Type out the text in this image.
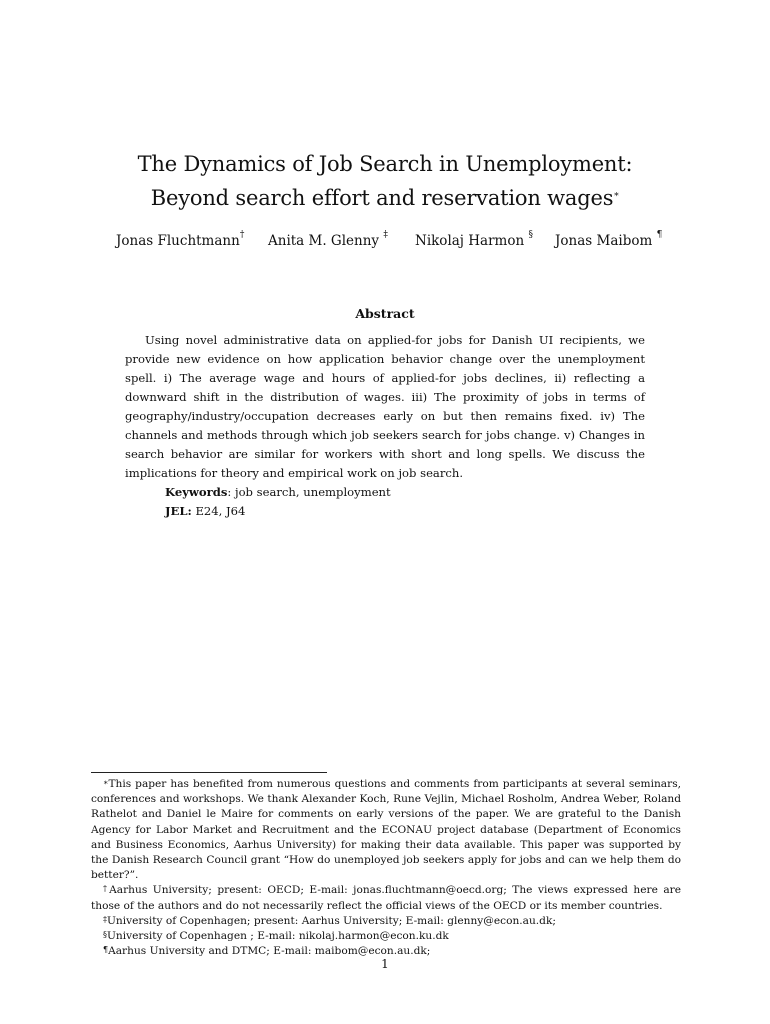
The Dynamics of Job Search in Unemployment:
Beyond search effort and reservation wages∗
Jonas Fluchtmann† Anita M. Glenny ‡ Nikolaj Harmon § Jonas Maibom ¶
Abstract

Using novel administrative data on applied-for jobs for Danish UI recipients, we provide new evidence on how application behavior change over the unemployment spell. i) The average wage and hours of applied-for jobs declines, ii) reflecting a downward shift in the distribution of wages. iii) The proximity of jobs in terms of geography/industry/occupation decreases early on but then remains fixed. iv) The channels and methods through which job seekers search for jobs change. v) Changes in search behavior are similar for workers with short and long spells. We discuss the implications for theory and empirical work on job search.

Keywords: job search, unemployment

JEL: E24, J64

∗This paper has benefited from numerous questions and comments from participants at several seminars, conferences and workshops. We thank Alexander Koch, Rune Vejlin, Michael Rosholm, Andrea Weber, Roland Rathelot and Daniel le Maire for comments on early versions of the paper. We are grateful to the Danish Agency for Labor Market and Recruitment and the ECONAU project database (Department of Economics and Business Economics, Aarhus University) for making their data available. This paper was supported by the Danish Research Council grant “How do unemployed job seekers apply for jobs and can we help them do better?”.

†Aarhus University; present: OECD; E-mail: jonas.fluchtmann@oecd.org; The views expressed here are those of the authors and do not necessarily reflect the official views of the OECD or its member countries.

‡University of Copenhagen; present: Aarhus University; E-mail: glenny@econ.au.dk;

§University of Copenhagen ; E-mail: nikolaj.harmon@econ.ku.dk

¶Aarhus University and DTMC; E-mail: maibom@econ.au.dk;

1
